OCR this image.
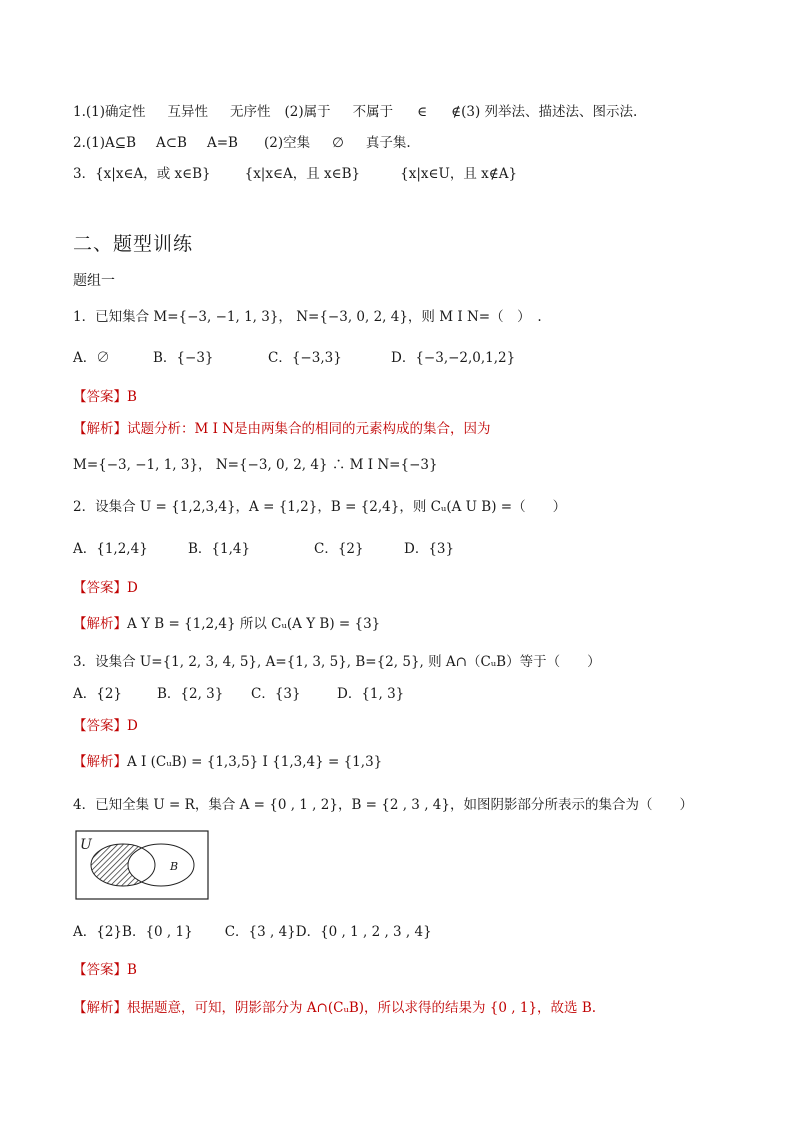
1.(1)确定性 互异性 无序性 (2)属于 不属于 ∈ ∉(3) 列举法、描述法、图示法.
2.(1)A⊆B A⊂B A=B (2)空集 ∅ 真子集.
3．{x|x∈A，或 x∈B}	{x|x∈A，且 x∈B}	{x|x∈U，且 x∉A}
二、题型训练
题组一
1．已知集合 M={−3, −1, 1, 3}， N={−3, 0, 2, 4}，则 M I N=（　）　.
A．∅	B．{−3}	C．{−3,3}	D．{−3,−2,0,1,2}
【答案】B
【解析】试题分析：M I N是由两集合的相同的元素构成的集合，因为
M={−3, −1, 1, 3}， N={−3, 0, 2, 4} ∴ M I N={−3}
2．设集合 U = {1,2,3,4}，A = {1,2}，B = {2,4}，则 Cᵤ(A U B) =（　　）
A．{1,2,4}	B．{1,4}	C．{2}	D．{3}
【答案】D
【解析】A Y B = {1,2,4} 所以 Cᵤ(A Y B) = {3}
3．设集合 U={1, 2, 3, 4, 5}, A={1, 3, 5}, B={2, 5}, 则 A∩（CᵤB）等于（　　）
A．{2}	B．{2, 3} C．{3}	D．{1, 3}
【答案】D
【解析】A I (CᵤB) = {1,3,5} I {1,3,4} = {1,3}
4．已知全集 U = R，集合 A = {0 , 1 , 2}，B = {2 , 3 , 4}，如图阴影部分所表示的集合为（　　）
U
B
A．{2}B．{0 , 1} C．{3 , 4}D．{0 , 1 , 2 , 3 , 4}
【答案】B
【解析】根据题意，可知，阴影部分为 A∩(CᵤB)，所以求得的结果为 {0 , 1}，故选 B.
